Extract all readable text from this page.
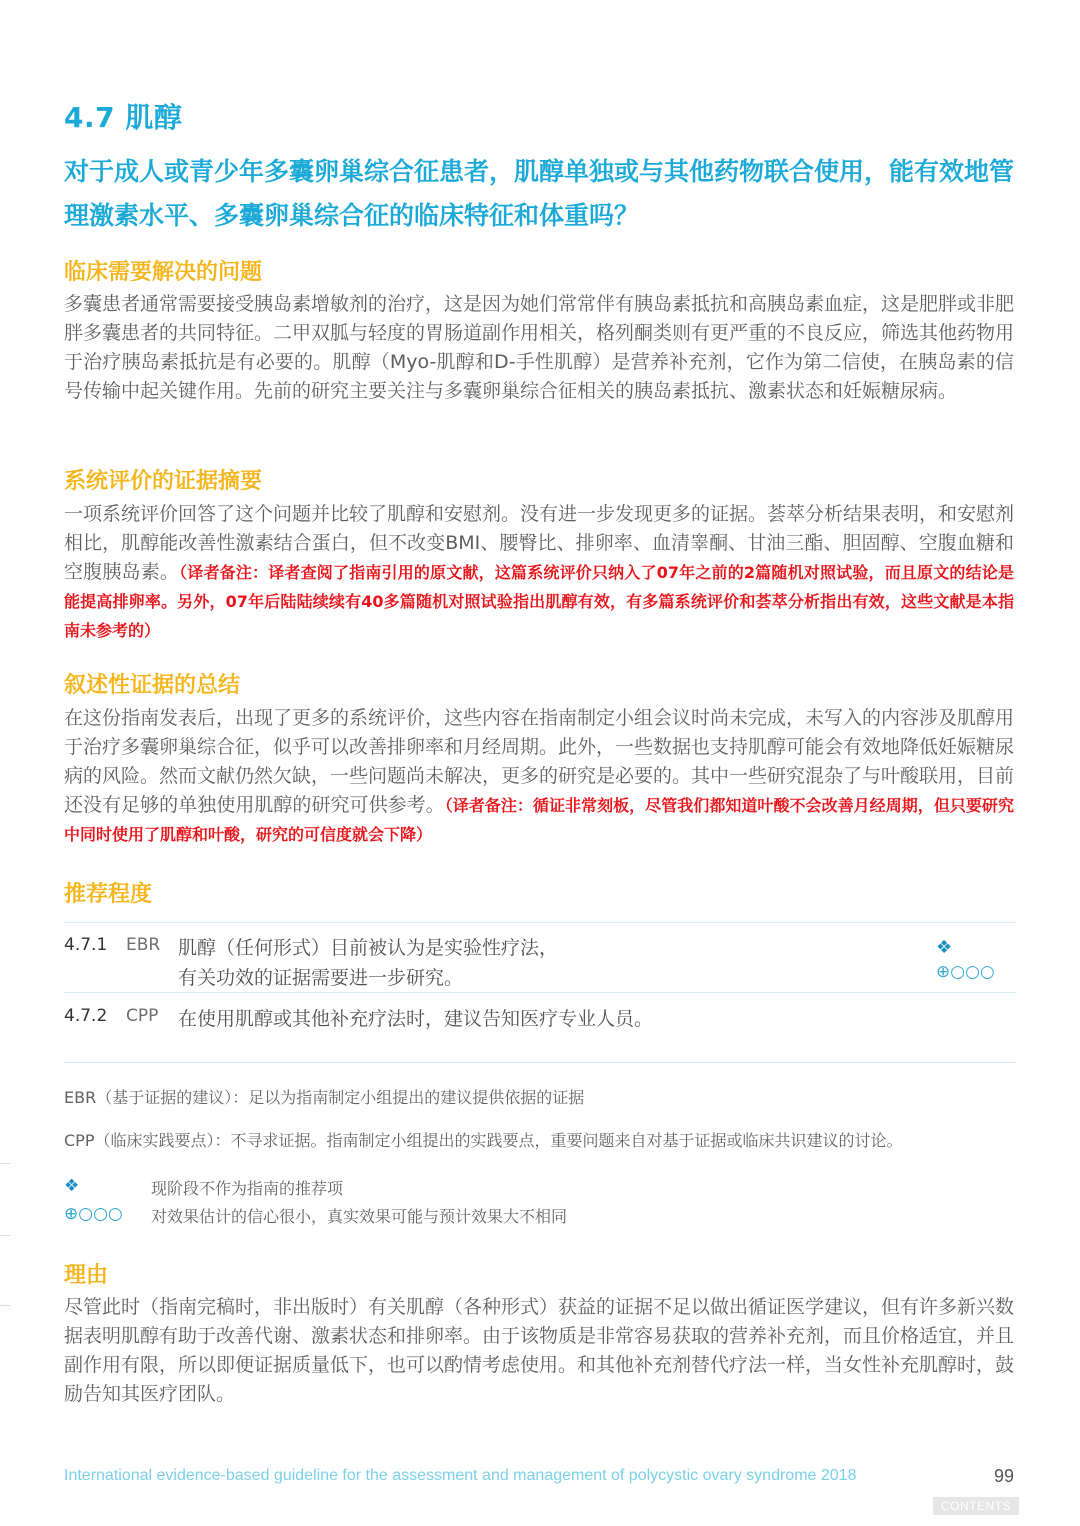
4.7 肌醇
对于成人或青少年多囊卵巢综合征患者，肌醇单独或与其他药物联合使用，能有效地管理激素水平、多囊卵巢综合征的临床特征和体重吗？
临床需要解决的问题
多囊患者通常需要接受胰岛素增敏剂的治疗，这是因为她们常常伴有胰岛素抵抗和高胰岛素血症，这是肥胖或非肥胖多囊患者的共同特征。二甲双胍与轻度的胃肠道副作用相关，格列酮类则有更严重的不良反应，筛选其他药物用于治疗胰岛素抵抗是有必要的。肌醇（Myo-肌醇和D-手性肌醇）是营养补充剂，它作为第二信使，在胰岛素的信号传输中起关键作用。先前的研究主要关注与多囊卵巢综合征相关的胰岛素抵抗、激素状态和妊娠糖尿病。
系统评价的证据摘要
一项系统评价回答了这个问题并比较了肌醇和安慰剂。没有进一步发现更多的证据。荟萃分析结果表明，和安慰剂相比，肌醇能改善性激素结合蛋白，但不改变BMI、腰臀比、排卵率、血清睾酮、甘油三酯、胆固醇、空腹血糖和空腹胰岛素。（译者备注：译者查阅了指南引用的原文献，这篇系统评价只纳入了07年之前的2篇随机对照试验，而且原文的结论是能提高排卵率。另外，07年后陆陆续续有40多篇随机对照试验指出肌醇有效，有多篇系统评价和荟萃分析指出有效，这些文献是本指南未参考的）
叙述性证据的总结
在这份指南发表后，出现了更多的系统评价，这些内容在指南制定小组会议时尚未完成，未写入的内容涉及肌醇用于治疗多囊卵巢综合征，似乎可以改善排卵率和月经周期。此外，一些数据也支持肌醇可能会有效地降低妊娠糖尿病的风险。然而文献仍然欠缺，一些问题尚未解决，更多的研究是必要的。其中一些研究混杂了与叶酸联用，目前还没有足够的单独使用肌醇的研究可供参考。（译者备注：循证非常刻板，尽管我们都知道叶酸不会改善月经周期，但只要研究中同时使用了肌醇和叶酸，研究的可信度就会下降）
推荐程度
4.7.1 EBR 肌醇（任何形式）目前被认为是实验性疗法，
有关功效的证据需要进一步研究。
❖
⊕○○○
4.7.2 CPP 在使用肌醇或其他补充疗法时，建议告知医疗专业人员。
EBR（基于证据的建议）：足以为指南制定小组提出的建议提供依据的证据
CPP（临床实践要点）：不寻求证据。指南制定小组提出的实践要点，重要问题来自对基于证据或临床共识建议的讨论。
❖	现阶段不作为指南的推荐项
⊕○○○ 对效果估计的信心很小，真实效果可能与预计效果大不相同
理由
尽管此时（指南完稿时，非出版时）有关肌醇（各种形式）获益的证据不足以做出循证医学建议，但有许多新兴数据表明肌醇有助于改善代谢、激素状态和排卵率。由于该物质是非常容易获取的营养补充剂，而且价格适宜，并且副作用有限，所以即便证据质量低下，也可以酌情考虑使用。和其他补充剂替代疗法一样，当女性补充肌醇时，鼓励告知其医疗团队。
International evidence-based guideline for the assessment and management of polycystic ovary syndrome 2018	99
CONTENTS
